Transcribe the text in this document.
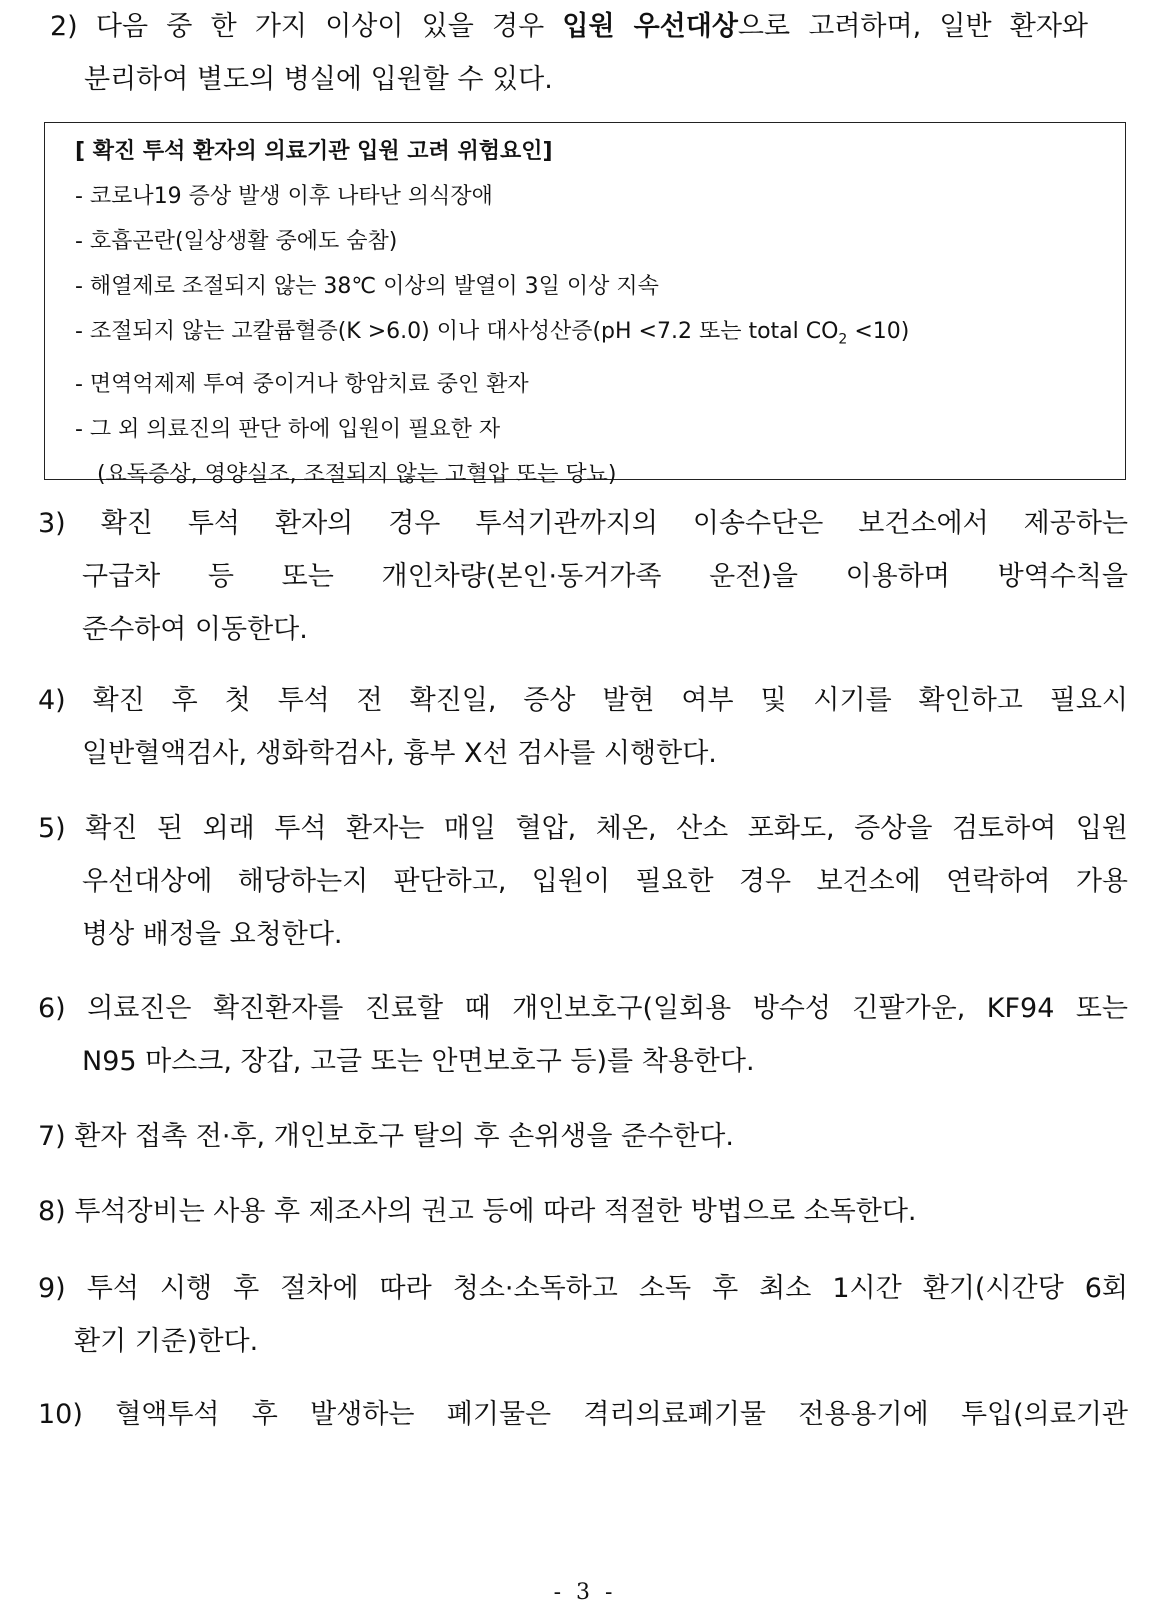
2) 다음 중 한 가지 이상이 있을 경우 입원 우선대상으로 고려하며, 일반 환자와
분리하여 별도의 병실에 입원할 수 있다.
[ 확진 투석 환자의 의료기관 입원 고려 위험요인]
- 코로나19 증상 발생 이후 나타난 의식장애
- 호흡곤란(일상생활 중에도 숨참)
- 해열제로 조절되지 않는 38℃ 이상의 발열이 3일 이상 지속
- 조절되지 않는 고칼륨혈증(K >6.0) 이나 대사성산증(pH <7.2 또는 total $CO_2 <10$)
- 면역억제제 투여 중이거나 항암치료 중인 환자
- 그 외 의료진의 판단 하에 입원이 필요한 자
(요독증상, 영양실조, 조절되지 않는 고혈압 또는 당뇨)
3) 확진 투석 환자의 경우 투석기관까지의 이송수단은 보건소에서 제공하는
구급차 등 또는 개인차량(본인·동거가족 운전)을 이용하며 방역수칙을
준수하여 이동한다.
4) 확진 후 첫 투석 전 확진일, 증상 발현 여부 및 시기를 확인하고 필요시
일반혈액검사, 생화학검사, 흉부 X선 검사를 시행한다.
5) 확진 된 외래 투석 환자는 매일 혈압, 체온, 산소 포화도, 증상을 검토하여 입원
우선대상에 해당하는지 판단하고, 입원이 필요한 경우 보건소에 연락하여 가용
병상 배정을 요청한다.
6) 의료진은 확진환자를 진료할 때 개인보호구(일회용 방수성 긴팔가운, KF94 또는
N95 마스크, 장갑, 고글 또는 안면보호구 등)를 착용한다.
7) 환자 접촉 전·후, 개인보호구 탈의 후 손위생을 준수한다.
8) 투석장비는 사용 후 제조사의 권고 등에 따라 적절한 방법으로 소독한다.
9) 투석 시행 후 절차에 따라 청소·소독하고 소독 후 최소 1시간 환기(시간당 6회
환기 기준)한다.
10) 혈액투석 후 발생하는 폐기물은 격리의료폐기물 전용용기에 투입(의료기관
- 3 -
